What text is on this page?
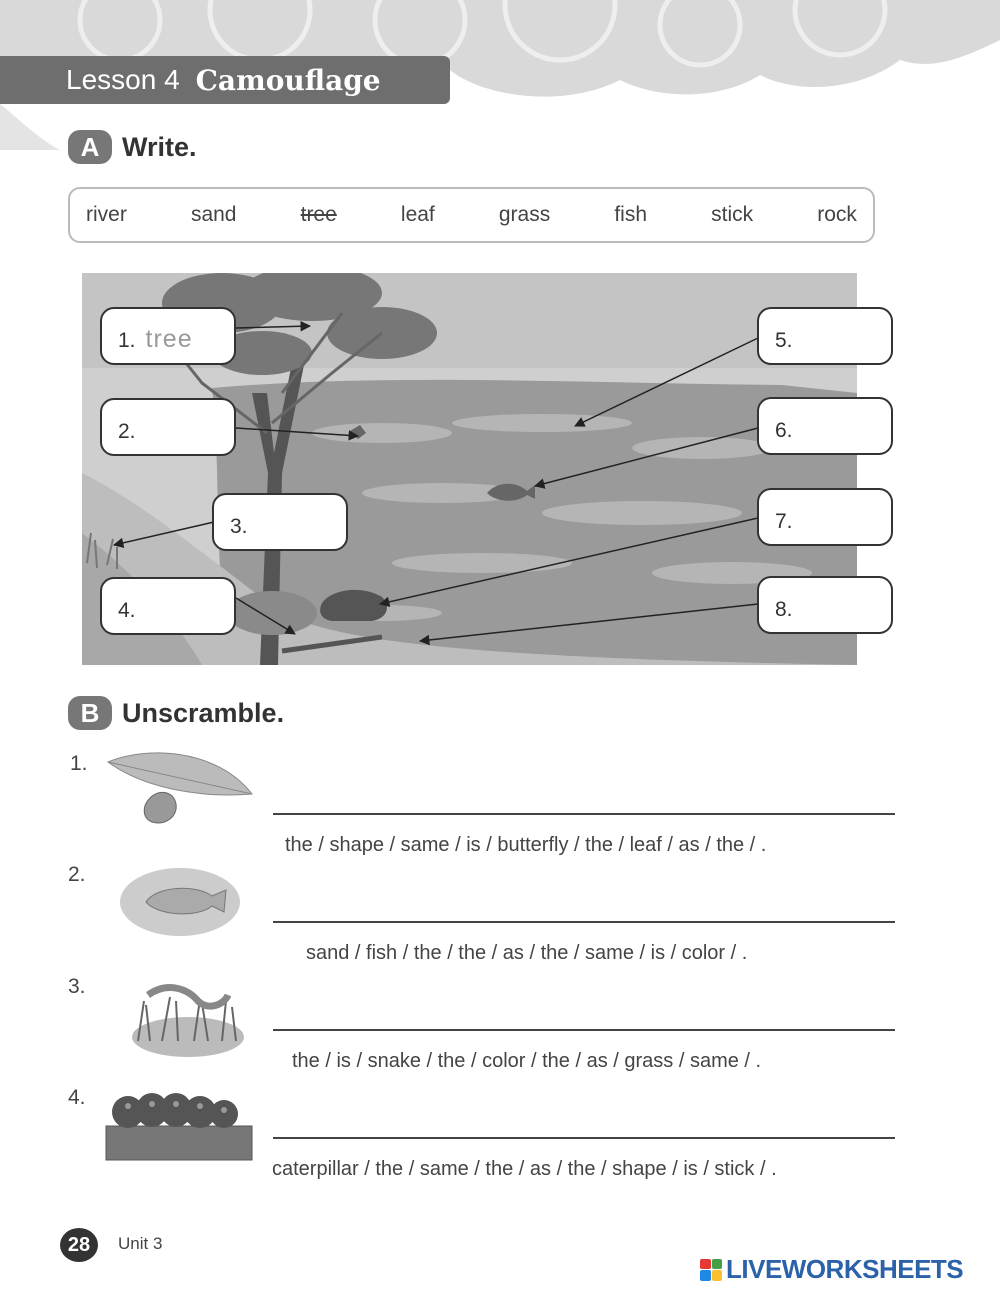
Lesson 4 Camouflage
A Write.
river	sand	tree	leaf	grass	fish	stick	rock
1. tree
2.
3.
4.
5.
6.
7.
8.
B Unscramble.
1.
the / shape / same / is / butterfly / the / leaf / as / the / .
2.
sand / fish / the / the / as / the / same / is / color / .
3.
the / is / snake / the / color / the / as / grass / same / .
4.
caterpillar / the / same / the / as / the / shape / is / stick / .
28	Unit 3
LIVEWORKSHEETS
